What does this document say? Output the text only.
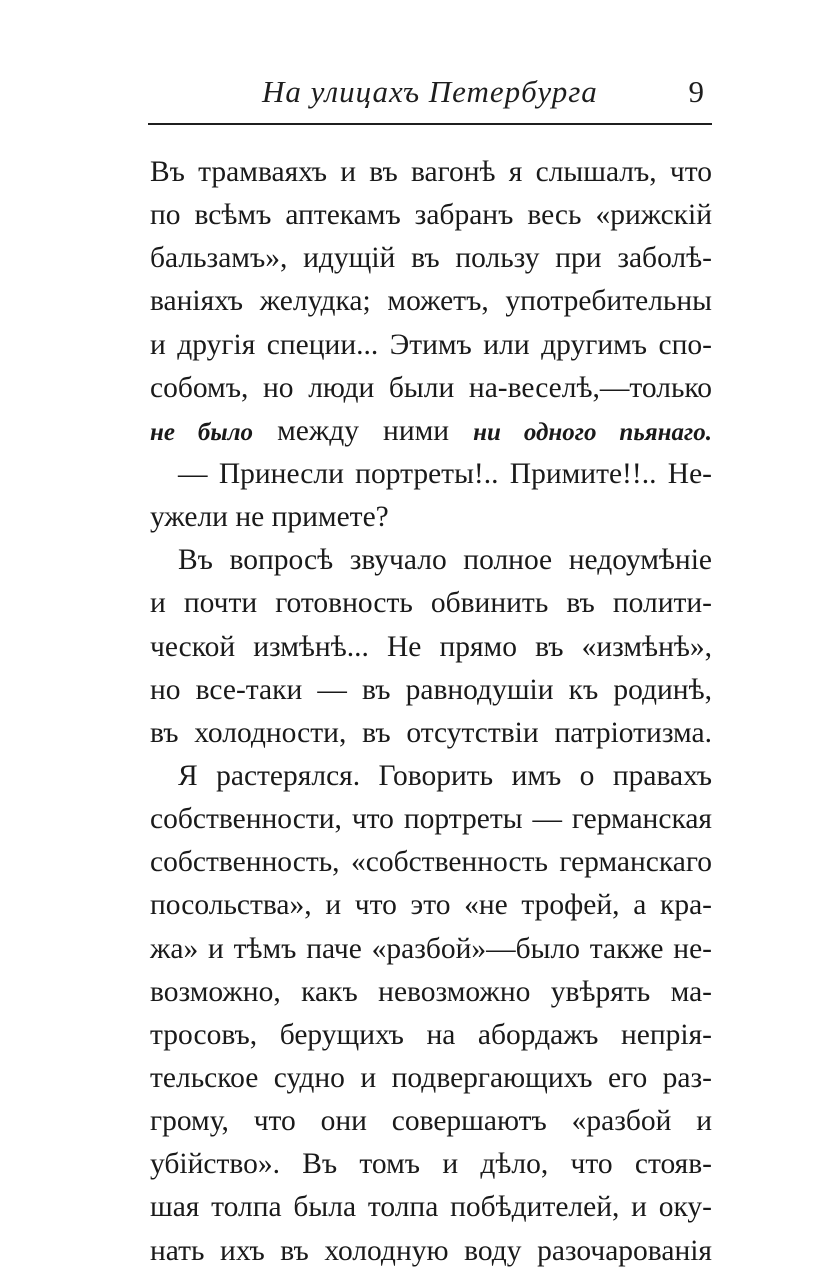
На улицахъ Петербурга	9
Въ трамваяхъ и въ вагонѣ я слышалъ, что
по всѣмъ аптекамъ забранъ весь «рижскій
бальзамъ», идущій въ пользу при заболѣ-
ваніяхъ желудка; можетъ, употребительны
и другія специи... Этимъ или другимъ спо-
собомъ, но люди были на-веселѣ,—только
не было между ними ни одного пьянаго.
— Принесли портреты!.. Примите!!.. Не-
ужели не примете?
Въ вопросѣ звучало полное недоумѣніе
и почти готовность обвинить въ полити-
ческой измѣнѣ... Не прямо въ «измѣнѣ»,
но все-таки — въ равнодушіи къ родинѣ,
въ холодности, въ отсутствіи патріотизма.
Я растерялся. Говорить имъ о правахъ
собственности, что портреты — германская
собственность, «собственность германскаго
посольства», и что это «не трофей, а кра-
жа» и тѣмъ паче «разбой»—было также не-
возможно, какъ невозможно увѣрять ма-
тросовъ, берущихъ на абордажъ непрія-
тельское судно и подвергающихъ его раз-
грому, что они совершаютъ «разбой и
убійство». Въ томъ и дѣло, что стояв-
шая толпа была толпа побѣдителей, и оку-
нать ихъ въ холодную воду разочарованія
